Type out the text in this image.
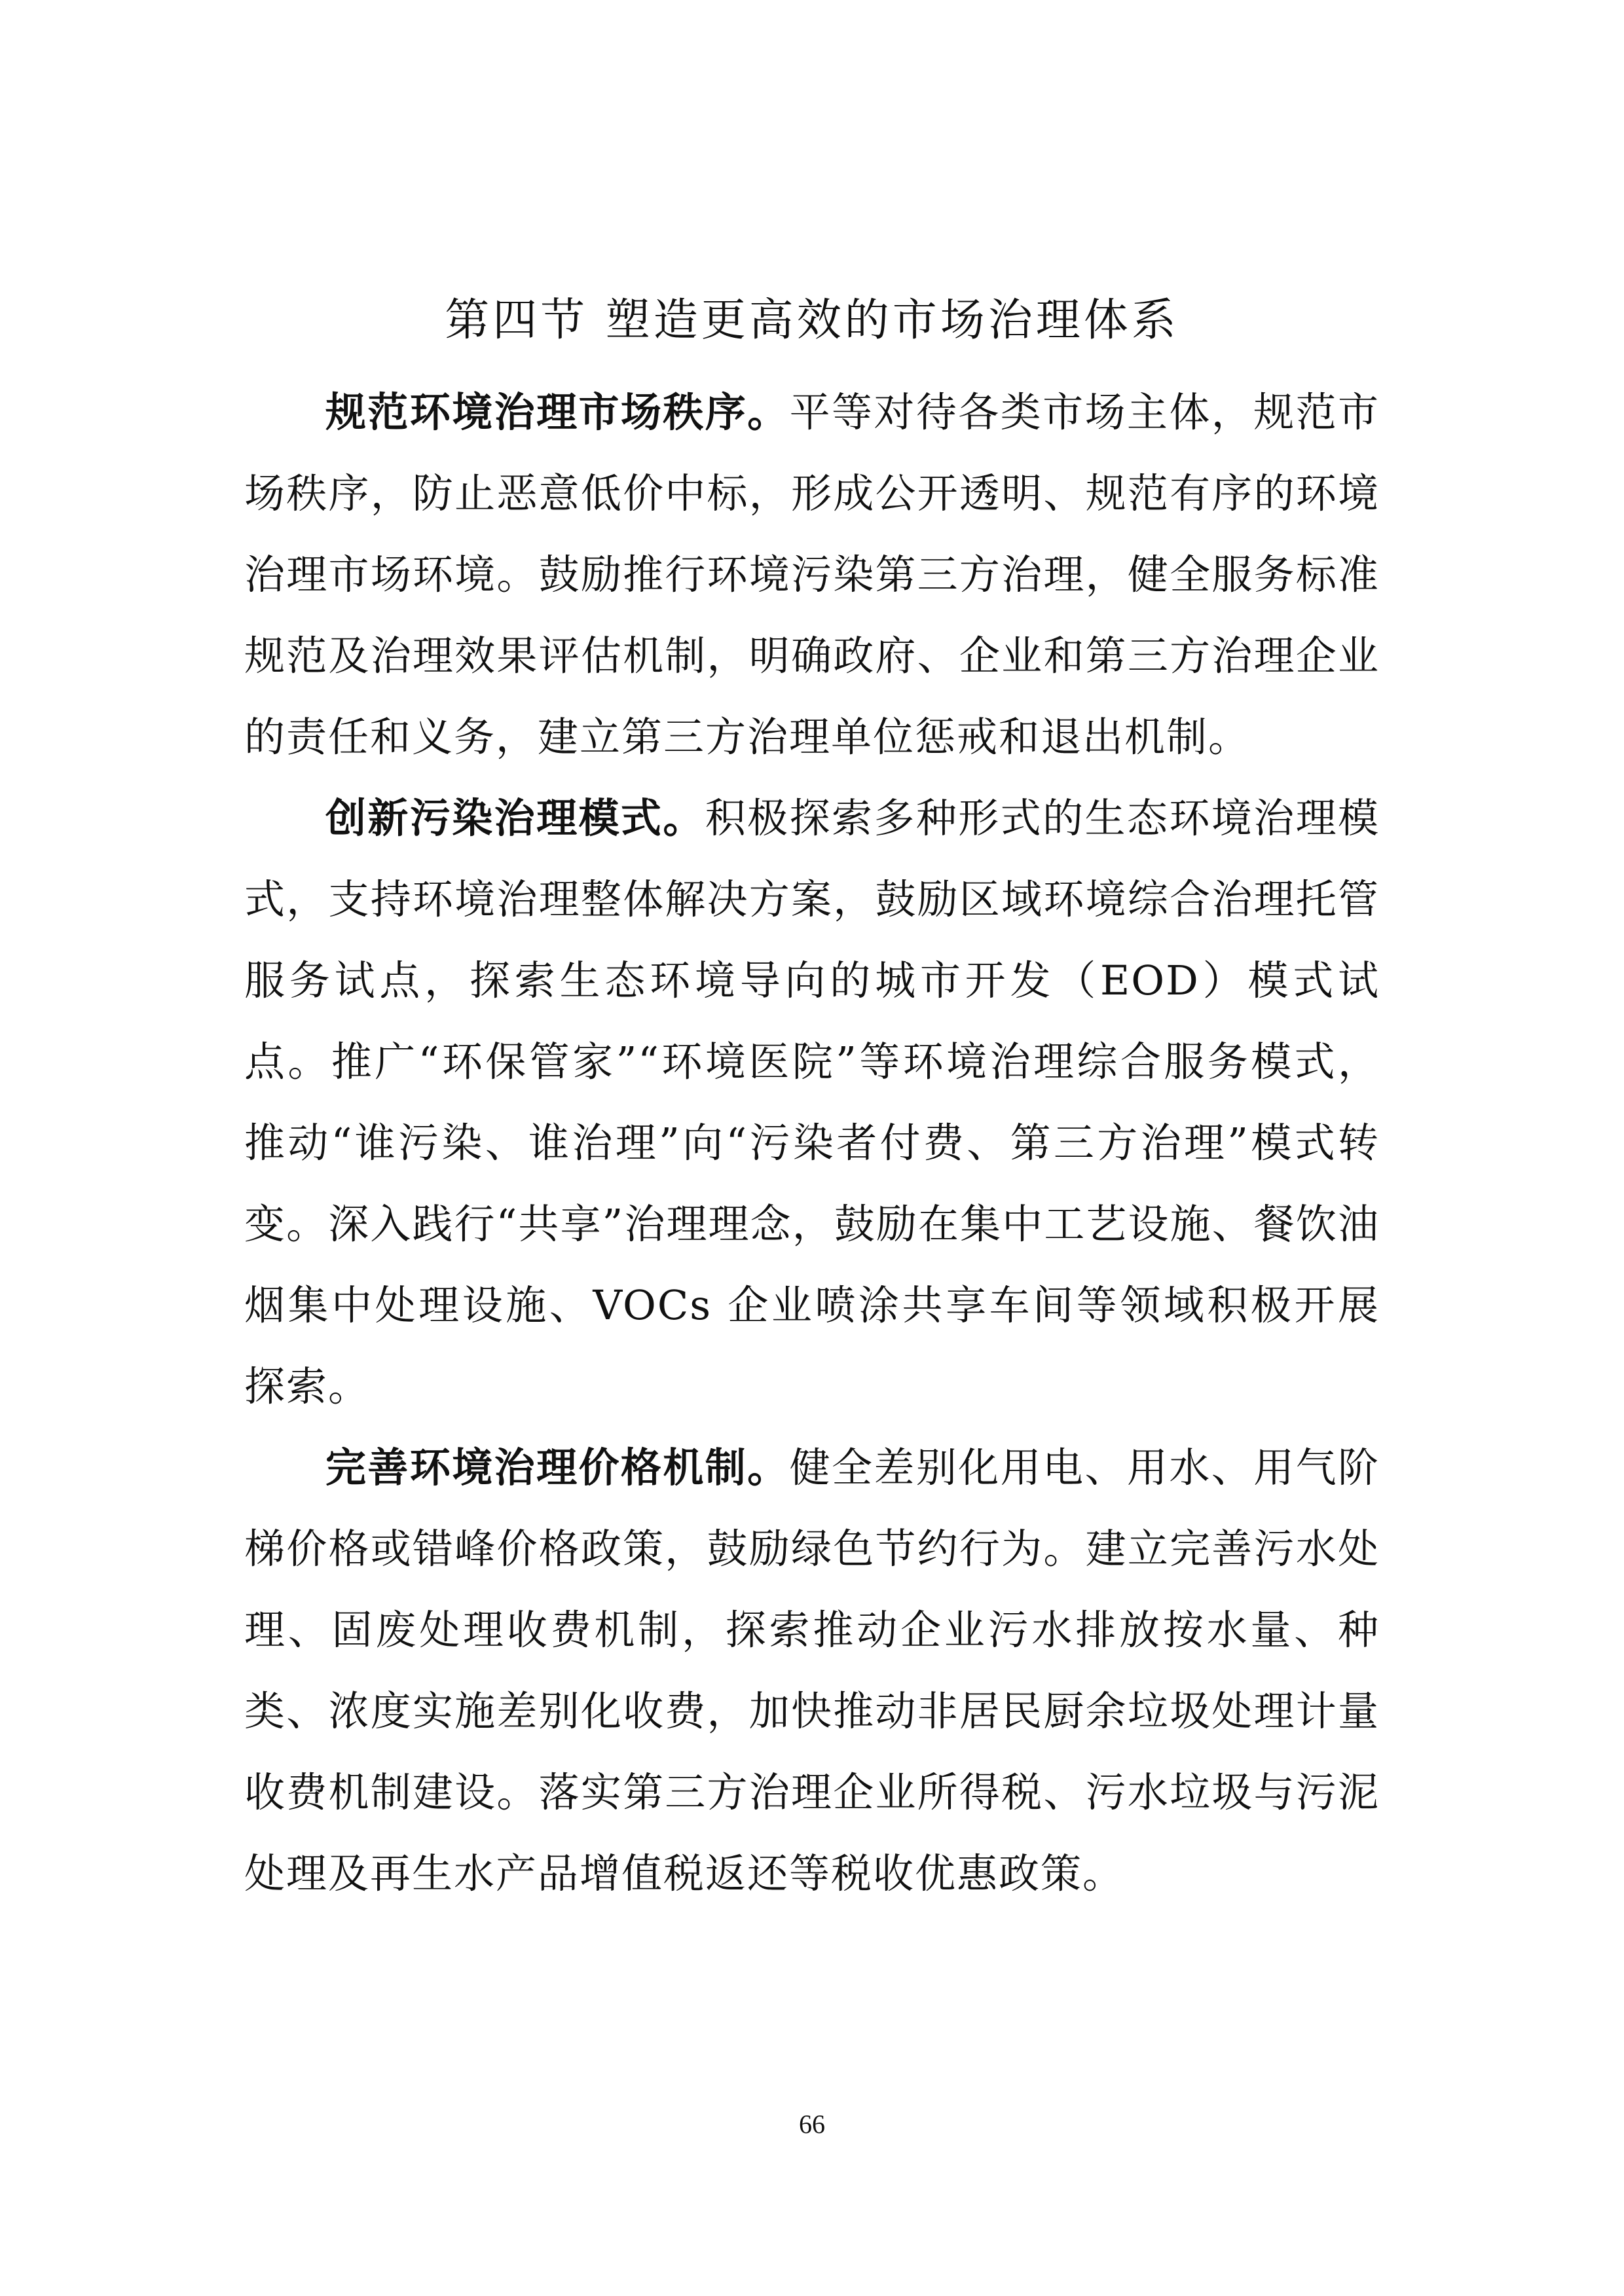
第四节 塑造更高效的市场治理体系

规范环境治理市场秩序。平等对待各类市场主体，规范市场秩序，防止恶意低价中标，形成公开透明、规范有序的环境治理市场环境。鼓励推行环境污染第三方治理，健全服务标准规范及治理效果评估机制，明确政府、企业和第三方治理企业的责任和义务，建立第三方治理单位惩戒和退出机制。

创新污染治理模式。积极探索多种形式的生态环境治理模式，支持环境治理整体解决方案，鼓励区域环境综合治理托管服务试点，探索生态环境导向的城市开发（EOD）模式试点。推广“环保管家”“环境医院”等环境治理综合服务模式，推动“谁污染、谁治理”向“污染者付费、第三方治理”模式转变。深入践行“共享”治理理念，鼓励在集中工艺设施、餐饮油烟集中处理设施、VOCs 企业喷涂共享车间等领域积极开展探索。

完善环境治理价格机制。健全差别化用电、用水、用气阶梯价格或错峰价格政策，鼓励绿色节约行为。建立完善污水处理、固废处理收费机制，探索推动企业污水排放按水量、种类、浓度实施差别化收费，加快推动非居民厨余垃圾处理计量收费机制建设。落实第三方治理企业所得税、污水垃圾与污泥处理及再生水产品增值税返还等税收优惠政策。

66
